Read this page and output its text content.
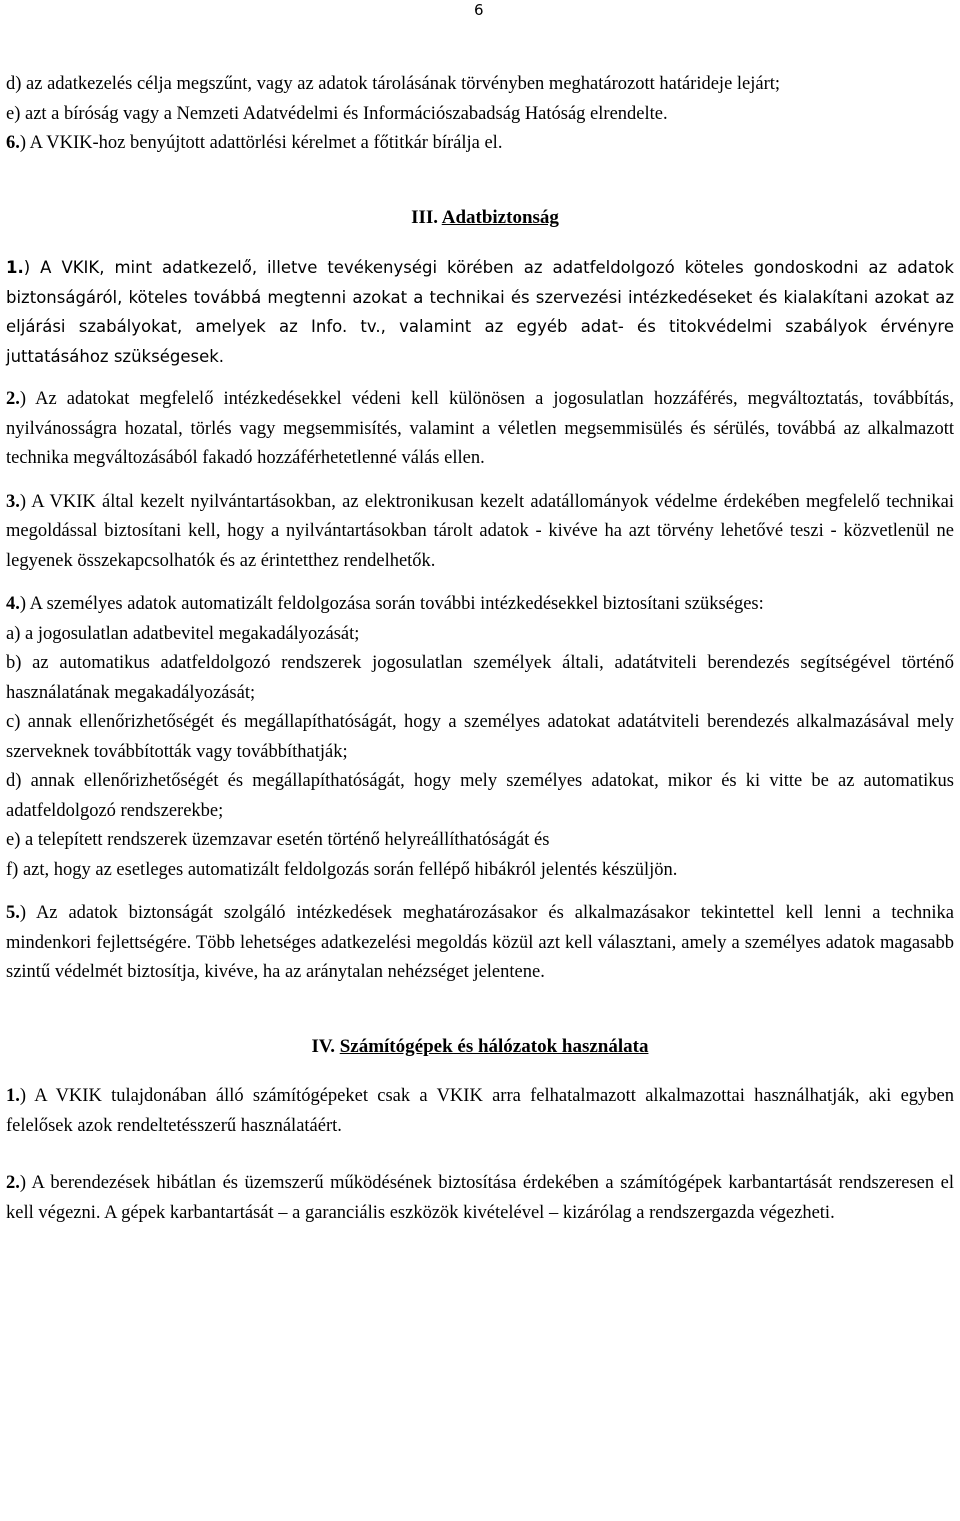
6

d) az adatkezelés célja megszűnt, vagy az adatok tárolásának törvényben meghatározott határideje lejárt;

e) azt a bíróság vagy a Nemzeti Adatvédelmi és Információszabadság Hatóság elrendelte.

6.) A VKIK-hoz benyújtott adattörlési kérelmet a főtitkár bírálja el.

III. Adatbiztonság

1.) A VKIK, mint adatkezelő, illetve tevékenységi körében az adatfeldolgozó köteles gondoskodni az adatok biztonságáról, köteles továbbá megtenni azokat a technikai és szervezési intézkedéseket és kialakítani azokat az eljárási szabályokat, amelyek az Info. tv., valamint az egyéb adat- és titokvédelmi szabályok érvényre juttatásához szükségesek.

2.) Az adatokat megfelelő intézkedésekkel védeni kell különösen a jogosulatlan hozzáférés, megváltoztatás, továbbítás, nyilvánosságra hozatal, törlés vagy megsemmisítés, valamint a véletlen megsemmisülés és sérülés, továbbá az alkalmazott technika megváltozásából fakadó hozzáférhetetlenné válás ellen.

3.) A VKIK által kezelt nyilvántartásokban, az elektronikusan kezelt adatállományok védelme érdekében megfelelő technikai megoldással biztosítani kell, hogy a nyilvántartásokban tárolt adatok - kivéve ha azt törvény lehetővé teszi - közvetlenül ne legyenek összekapcsolhatók és az érintetthez rendelhetők.

4.) A személyes adatok automatizált feldolgozása során további intézkedésekkel biztosítani szükséges:

a) a jogosulatlan adatbevitel megakadályozását;

b) az automatikus adatfeldolgozó rendszerek jogosulatlan személyek általi, adatátviteli berendezés segítségével történő használatának megakadályozását;

c) annak ellenőrizhetőségét és megállapíthatóságát, hogy a személyes adatokat adatátviteli berendezés alkalmazásával mely szerveknek továbbították vagy továbbíthatják;

d) annak ellenőrizhetőségét és megállapíthatóságát, hogy mely személyes adatokat, mikor és ki vitte be az automatikus adatfeldolgozó rendszerekbe;

e) a telepített rendszerek üzemzavar esetén történő helyreállíthatóságát és

f) azt, hogy az esetleges automatizált feldolgozás során fellépő hibákról jelentés készüljön.

5.) Az adatok biztonságát szolgáló intézkedések meghatározásakor és alkalmazásakor tekintettel kell lenni a technika mindenkori fejlettségére. Több lehetséges adatkezelési megoldás közül azt kell választani, amely a személyes adatok magasabb szintű védelmét biztosítja, kivéve, ha az aránytalan nehézséget jelentene.

IV. Számítógépek és hálózatok használata

1.) A VKIK tulajdonában álló számítógépeket csak a VKIK arra felhatalmazott alkalmazottai használhatják, aki egyben felelősek azok rendeltetésszerű használatáért.

2.) A berendezések hibátlan és üzemszerű működésének biztosítása érdekében a számítógépek karbantartását rendszeresen el kell végezni. A gépek karbantartását – a garanciális eszközök kivételével – kizárólag a rendszergazda végezheti.
